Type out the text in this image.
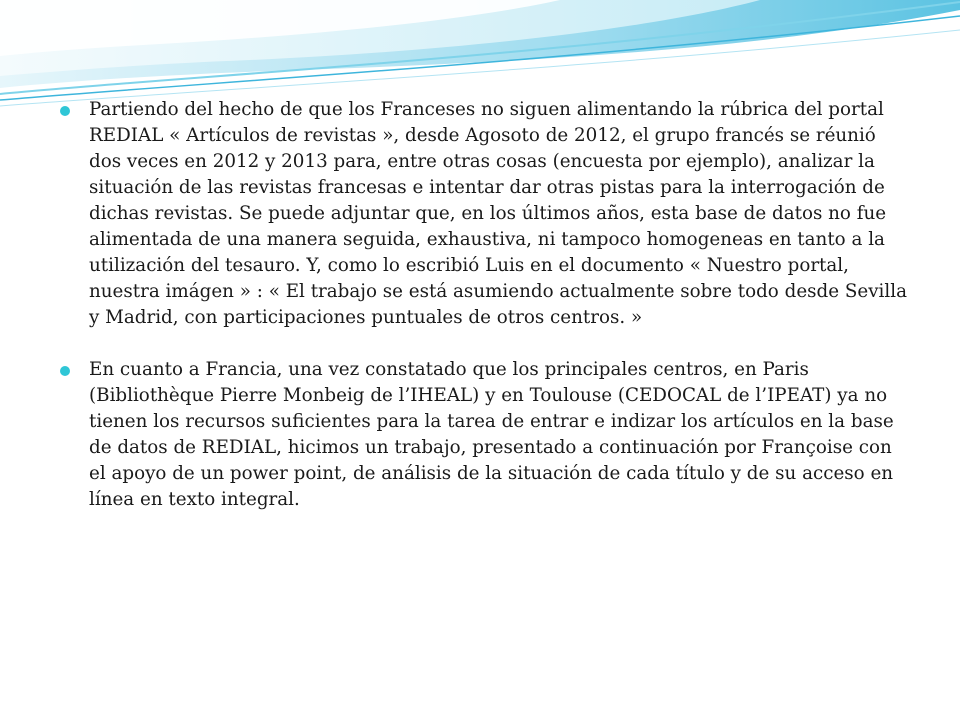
Partiendo del hecho de que los Franceses no siguen alimentando la rúbrica del portal REDIAL « Artículos de revistas », desde Agosoto de 2012, el grupo francés se réunió dos veces en 2012 y 2013 para, entre otras cosas (encuesta por ejemplo), analizar la situación de las revistas francesas e intentar dar otras pistas para la interrogación de dichas revistas. Se puede adjuntar que, en los últimos años, esta base de datos no fue alimentada de una manera seguida, exhaustiva, ni tampoco homogeneas en tanto a la utilización del tesauro. Y, como lo escribió Luis en el documento « Nuestro portal, nuestra imágen » : « El trabajo se está asumiendo actualmente sobre todo desde Sevilla y Madrid, con participaciones puntuales de otros centros. »

En cuanto a Francia, una vez constatado que los principales centros, en Paris (Bibliothèque Pierre Monbeig de l’IHEAL) y en Toulouse (CEDOCAL de l’IPEAT) ya no tienen los recursos suficientes para la tarea de entrar e indizar los artículos en la base de datos de REDIAL, hicimos un trabajo, presentado a continuación por Françoise con el apoyo de un power point, de análisis de la situación de cada título y de su acceso en línea en texto integral.
